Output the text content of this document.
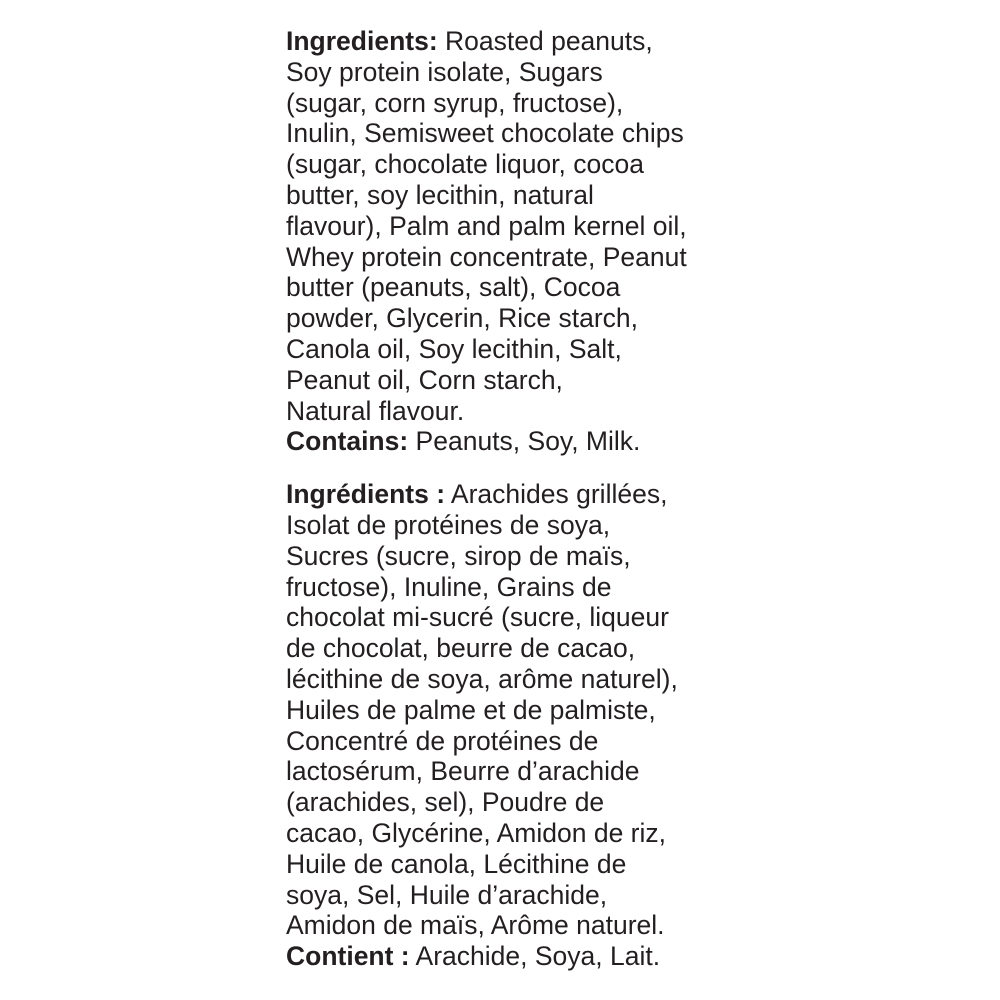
Ingredients: Roasted peanuts,
Soy protein isolate, Sugars
(sugar, corn syrup, fructose),
Inulin, Semisweet chocolate chips
(sugar, chocolate liquor, cocoa
butter, soy lecithin, natural
flavour), Palm and palm kernel oil,
Whey protein concentrate, Peanut
butter (peanuts, salt), Cocoa
powder, Glycerin, Rice starch,
Canola oil, Soy lecithin, Salt,
Peanut oil, Corn starch,
Natural flavour.
Contains: Peanuts, Soy, Milk.
Ingrédients : Arachides grillées,
Isolat de protéines de soya,
Sucres (sucre, sirop de maïs,
fructose), Inuline, Grains de
chocolat mi-sucré (sucre, liqueur
de chocolat, beurre de cacao,
lécithine de soya, arôme naturel),
Huiles de palme et de palmiste,
Concentré de protéines de
lactosérum, Beurre d’arachide
(arachides, sel), Poudre de
cacao, Glycérine, Amidon de riz,
Huile de canola, Lécithine de
soya, Sel, Huile d’arachide,
Amidon de maïs, Arôme naturel.
Contient : Arachide, Soya, Lait.
